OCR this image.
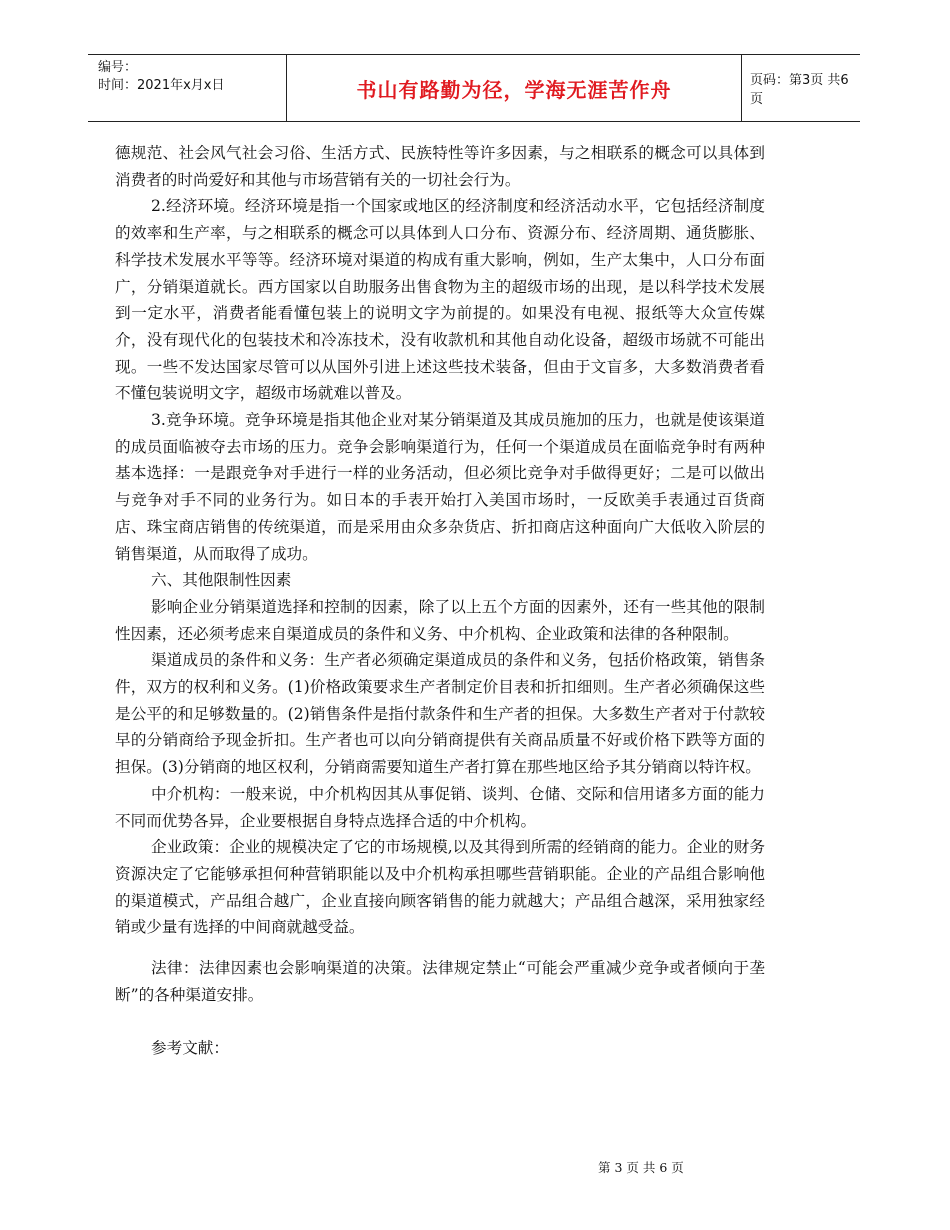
编号：
时间：2021年x月x日	书山有路勤为径，学海无涯苦作舟	页码：第3页 共6页

德规范、社会风气社会习俗、生活方式、民族特性等许多因素，与之相联系的概念可以具体到消费者的时尚爱好和其他与市场营销有关的一切社会行为。

2.经济环境。经济环境是指一个国家或地区的经济制度和经济活动水平，它包括经济制度的效率和生产率，与之相联系的概念可以具体到人口分布、资源分布、经济周期、通货膨胀、科学技术发展水平等等。经济环境对渠道的构成有重大影响，例如，生产太集中，人口分布面广，分销渠道就长。西方国家以自助服务出售食物为主的超级市场的出现，是以科学技术发展到一定水平，消费者能看懂包装上的说明文字为前提的。如果没有电视、报纸等大众宣传媒介，没有现代化的包装技术和冷冻技术，没有收款机和其他自动化设备，超级市场就不可能出现。一些不发达国家尽管可以从国外引进上述这些技术装备，但由于文盲多，大多数消费者看不懂包装说明文字，超级市场就难以普及。

3.竞争环境。竞争环境是指其他企业对某分销渠道及其成员施加的压力，也就是使该渠道的成员面临被夺去市场的压力。竞争会影响渠道行为，任何一个渠道成员在面临竞争时有两种基本选择：一是跟竞争对手进行一样的业务活动，但必须比竞争对手做得更好；二是可以做出与竞争对手不同的业务行为。如日本的手表开始打入美国市场时，一反欧美手表通过百货商店、珠宝商店销售的传统渠道，而是采用由众多杂货店、折扣商店这种面向广大低收入阶层的销售渠道，从而取得了成功。

六、其他限制性因素

影响企业分销渠道选择和控制的因素，除了以上五个方面的因素外，还有一些其他的限制性因素，还必须考虑来自渠道成员的条件和义务、中介机构、企业政策和法律的各种限制。

渠道成员的条件和义务：生产者必须确定渠道成员的条件和义务，包括价格政策，销售条件，双方的权利和义务。(1)价格政策要求生产者制定价目表和折扣细则。生产者必须确保这些是公平的和足够数量的。(2)销售条件是指付款条件和生产者的担保。大多数生产者对于付款较早的分销商给予现金折扣。生产者也可以向分销商提供有关商品质量不好或价格下跌等方面的担保。(3)分销商的地区权利，分销商需要知道生产者打算在那些地区给予其分销商以特许权。

中介机构：一般来说，中介机构因其从事促销、谈判、仓储、交际和信用诸多方面的能力不同而优势各异，企业要根据自身特点选择合适的中介机构。

企业政策：企业的规模决定了它的市场规模,以及其得到所需的经销商的能力。企业的财务资源决定了它能够承担何种营销职能以及中介机构承担哪些营销职能。企业的产品组合影响他的渠道模式，产品组合越广，企业直接向顾客销售的能力就越大；产品组合越深，采用独家经销或少量有选择的中间商就越受益。

法律：法律因素也会影响渠道的决策。法律规定禁止“可能会严重减少竞争或者倾向于垄断”的各种渠道安排。

参考文献：

第 3 页 共 6 页
